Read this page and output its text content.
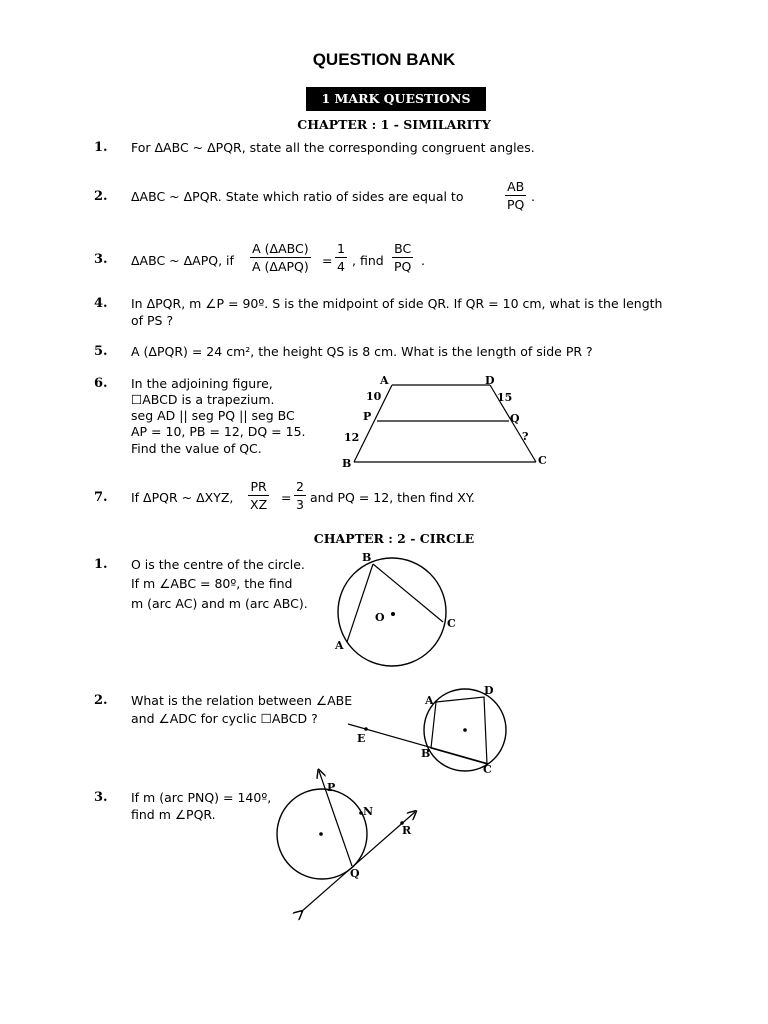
QUESTION BANK
1 MARK QUESTIONS
CHAPTER : 1 - SIMILARITY
1. For ΔABC ~ ΔPQR, state all the corresponding congruent angles.
2. ΔABC ~ ΔPQR. State which ratio of sides are equal to	$\frac{AB}{PQ}$ .
3. ΔABC ~ ΔAPQ, if
A (ΔABC)
A $(\Delta APQ) = \frac{1}{4}$ , find $\frac{BC}{PQ}$ .
4. In ΔPQR, m ∠P = 90º. S is the midpoint of side QR. If QR = 10 cm, what is the length
of PS ?
5. A (ΔPQR) = 24 cm², the height QS is 8 cm. What is the length of side PR ?
6. In the adjoining figure,
☐ABCD is a trapezium.
seg AD || seg PQ || seg BC
AP = 10, PB = 12, DQ = 15.
Find the value of QC.
A	D
P	Q
B	C
10
12
15
?
7. If ΔPQR ~ ΔXYZ, $\frac{PR}{XZ} = \frac{2}{3}$ and PQ = 12, then find XY.
CHAPTER : 2 - CIRCLE
1. O is the centre of the circle.
If m ∠ABC = 80º, the find
m (arc AC) and m (arc ABC).
B
O	C
A
2. What is the relation between ∠ABE
and ∠ADC for cyclic ☐ABCD ?
A
D
E
B
C
3. If m (arc PNQ) = 140º,
find m ∠PQR.
P
N
R
Q
